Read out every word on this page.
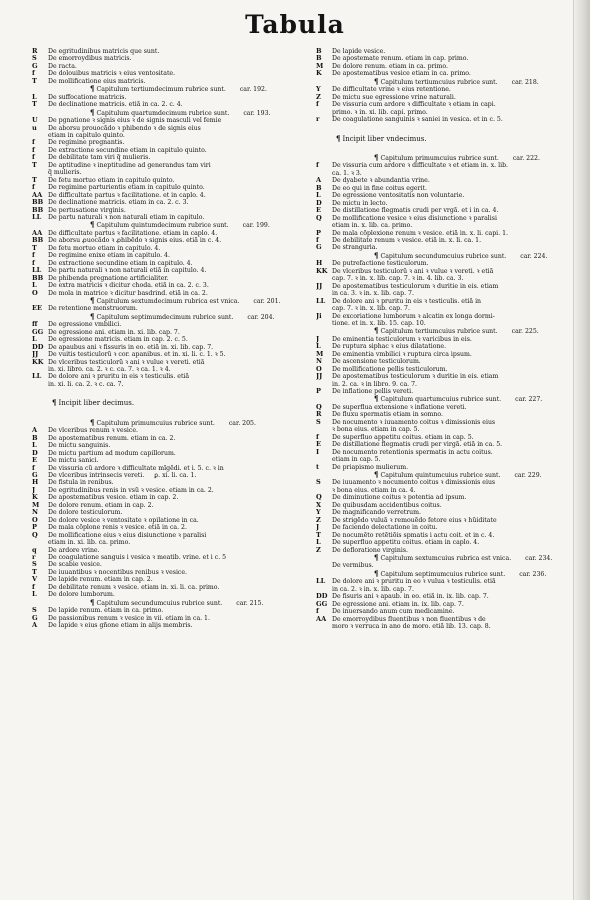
Tabula
R De egritudinibus matricis que sunt.
S De emorroydibus matricis.
G De racta.
f De dolouibus matricis ꝛ eius ventositate.
T De mollificatione eius matricis.
¶ Capitulum tertiumdecimum rubrice sunt. car. 192.
L De suffocatione matricis.
T De declinatione matricis. etiã in ca. 2. c. 4.
¶ Capitulum quartumdecimum rubrice sunt. car. 193.
U De pgnatione ꝛ signis eius ꝛ de signis masculi vel femie
u De aborsu prouocãdo ꝛ phibendo ꝛ de signis eius
etiam in capitulo quinto.
f De regimine pregnantis.
f De extractione secundine etiam in capitulo quinto.
f De debilitate tam viri q̃ mulieris.
T De aptitudine ꝛ ineptitudine ad generandus tam viri
q̃ mulieris.
T De fetu mortuo etiam in capitulo quinto.
f De regimine parturientis etiam in capitulo quinto.
AA De difficultate partus ꝛ facilitatione. et in caplo. 4.
BB De declinatione matricis. etiam in ca. 2. c. 3.
BB De pertusatione virginis.
LL De partu naturali ꝛ non naturali etiam in capitulo.
¶ Capitulum quintumdecimum rubrice sunt. car. 199.
AA De difficultate partus ꝛ facilitatione. etiam in caplo. 4.
BB De aborsu ꝓuocãdo ꝛ ꝓhibẽdo ꝛ signis eius. etiã in c. 4.
T De fetu mortuo etiam in capitulo. 4.
f De regimine enixe etiam in capitulo. 4.
f De extractione secundine etiam in capitulo. 4.
LL De partu naturali ꝛ non naturali etiã in capitulo. 4.
BB De phibenda pregnatione artificialiter.
L De extra matricis ꝛ dicitur choda. etiã in ca. 2. c. 3.
O De mola in matrice ꝛ dicitur basdrind. etiã in ca. 2.
¶ Capitulum sextumdecimum rubrica est vnica. car. 201.
EE De retentione menstruorum.
¶ Capitulum septimumdecimum rubrice sunt. car. 204.
ff De egressione vmbilici.
GG De egressione ani. etiam in. xi. lib. cap. 7.
L De egressione matricis. etiam in cap. 2. c. 5.
DD De apaubus ani ꝛ fissuris in eo. etiã in. xi. lib. cap. 7.
JJ De vuitis testiculorũ ꝛ cor. apanibus. et in. xi. li. c. 1. ꝛ 5.
KK De vlceribus testiculorũ ꝛ ani ꝛ vulue ꝛ vereti. etiã
in. xi. libro. ca. 2. ꝛ c. ca. 7. ꝛ ca. 1. ꝛ 4.
LL De dolore ani ꝛ pruritu in eis ꝛ testiculis. etiã
in. xi. li. ca. 2. ꝛ c. ca. 7.
¶ Incipit liber decimus.
¶ Capitulum primumcuius rubrice sunt. car. 205.
A De vlceribus renum ꝛ vesice.
B De apostematibus renum. etiam in ca. 2.
L De mictu sanguinis.
D De mictu partium ad modum capillorum.
E De mictu sanici.
f De vissuria cũ ardore ꝛ difficultate mĩgẽdi. et i. 5. c. ꝛ in
G De vlceribus intrinsecis vereti. ꝑ. xi. li. ca. 1.
H De fistula in renibus.
J De egritudinibus renis in vsũ ꝛ vesice. etiam in ca. 2.
K De apostematibus vesice. etiam in cap. 2.
M De dolore renum. etiam in cap. 2.
N De dolore testiculorum.
O De dolore vesice ꝛ ventositate ꝛ opilatione in ca.
P De mala cõplone renis ꝛ vesice. etiã in ca. 2.
Q De mollificatione eius ꝛ eius disiunctione ꝛ paralisi
etiam in. xi. lib. ca. primo.
q De ardore vrine.
r De coagulatione sanguis i vesica ꝛ meatib. vrine. et i c. 5
S De scabie vesice.
T De iuuantibus ꝛ nocentibus renibus ꝛ vesice.
V De lapide renum. etiam in cap. 2.
f De debilitate renum ꝛ vesice. etiam in. xi. li. ca. primo.
L De dolore lumborum.
¶ Capitulum secundumcuius rubrice sunt. car. 215.
S De lapide renum. etiam in ca. primo.
G De passionibus renum ꝛ vesice in vii. etiam in ca. 1.
A De lapide ꝛ eius gñone etiam in alijs membris.
B De lapide vesice.
B De apostemate renum. etiam in cap. primo.
M De dolore renum. etiam in ca. primo.
K De apostematibus vesice etiam in ca. primo.
¶ Capitulum tertiumcuius rubrice sunt. car. 218.
Y De difficultate vrine ꝛ eius retentione.
Z De mictu sue egressione vrine naturali.
f De vissuria cum ardore ꝛ difficultate ꝛ etiam in capi.
primo. ꝛ in. xi. lib. capi. primo.
r De coagulatione sanguinis ꝛ saniei in vesica. et in c. 5.
¶ Incipit liber vndecimus.
¶ Capitulum primumcuius rubrice sunt. car. 222.
f De vissuria cum ardore ꝛ difficultate ꝛ et etiam in. x. lib.
ca. 1. ꝛ 3.
A De dyabete ꝛ abundantia vrine.
B De eo qui in fine coitus egerit.
L De egressione ventositatis non voluntarie.
D De mictu in lecto.
E De distillatione flegmatis crudi per vrgã. et i in ca. 4.
Q De mollificatione vesice ꝛ eius disiunctione ꝛ paralisi
etiam in. x. lib. ca. primo.
P De mala cõplexione renum ꝛ vesice. etiã in. x. li. capi. 1.
f De debilitate renum ꝛ vesice. etiã in. x. li. ca. 1.
G De stranguria.
¶ Capitulum secundumcuius rubrice sunt. car. 224.
H De putrefactione testiculorum.
KK De vlceribus testiculorũ ꝛ ani ꝛ vulue ꝛ vereti. ꝛ etiã
cap. 7. ꝛ in. x. lib. cap. 7. ꝛ in. 4. lib. ca. 3.
JJ De apostematibus testiculorum ꝛ duritie in eis. etiam
in ca. 3. ꝛ in. x. lib. cap. 7.
LL De dolore ani ꝛ pruritu in eis ꝛ testiculis. etiã in
cap. 7. ꝛ in. x. lib. cap. 7.
Ji De excoriatione lumborum ꝛ alcatin ex longa dormi-
tione. et in. x. lib. 15. cap. 10.
¶ Capitulum tertiumcuius rubrice sunt. car. 225.
J De eminentia testiculorum ꝛ varicibus in eis.
L De ruptura siphac ꝛ eius dilatatione.
M De eminentia vmbilici ꝛ ruptura circa ipsum.
N De ascensione testiculorum.
O De mollificatione pellis testiculorum.
JJ De apostematibus testiculorum ꝛ duritie in eis. etiam
in. 2. ca. ꝛ in libro. 9. ca. 7.
P De inflatione pellis vereti.
¶ Capitulum quartumcuius rubrice sunt. car. 227.
Q De superflua extensione ꝛ inflatione vereti.
R De fluxu spermatis etiam in somno.
S De nocumento ꝛ iuuamento coitus ꝛ dimissionis eius
ꝛ bona eius. etiam in cap. 5.
f De superfluo appetitu coitus. etiam in cap. 5.
E De distillatione flegmatis crudi per virgã. etiã in ca. 5.
I De nocumento retentionis spermatis in actu coitus.
etiam in cap. 5.
t De priapismo mulierum.
¶ Capitulum quintumcuius rubrice sunt. car. 229.
S De iuuamento ꝛ nocumento coitus ꝛ dimissionis eius
ꝛ bona eius. etiam in ca. 4.
Q De diminutione coitus ꝛ potentia ad ipsum.
X De quibusdam accidentibus coitus.
Y De magnificando verretrum.
Z De strigẽdo vuluã ꝛ remouẽdo fetore eius ꝛ hũiditate
J De faciendo delectatione in coitu.
T De nocumẽto retẽtiõis spmatis i actu coit. et in c. 4.
L De superfluo appetitu coitus. etiam in caplo. 4.
Z De defloratione virginis.
¶ Capitulum sextumcuius rubrica est vnica. car. 234.
De vermibus.
¶ Capitulum septimumcuius rubrice sunt. car. 236.
LL De dolore ani ꝛ pruritu in eo ꝛ vulua ꝛ testiculis. etiã
in ca. 2. ꝛ in. x. lib. cap. 7.
DD De fisuris ani ꝛ apaub. in eo. etiã in. ix. lib. cap. 7.
GG De egressione ani. etiam in. ix. lib. cap. 7.
f De inuersando anum cum medicamine.
AA De emorroydibus fluentibus ꝛ non fluentibus ꝛ de
moro ꝛ verruca in ano de moro. etiã lib. 13. cap. 8.
